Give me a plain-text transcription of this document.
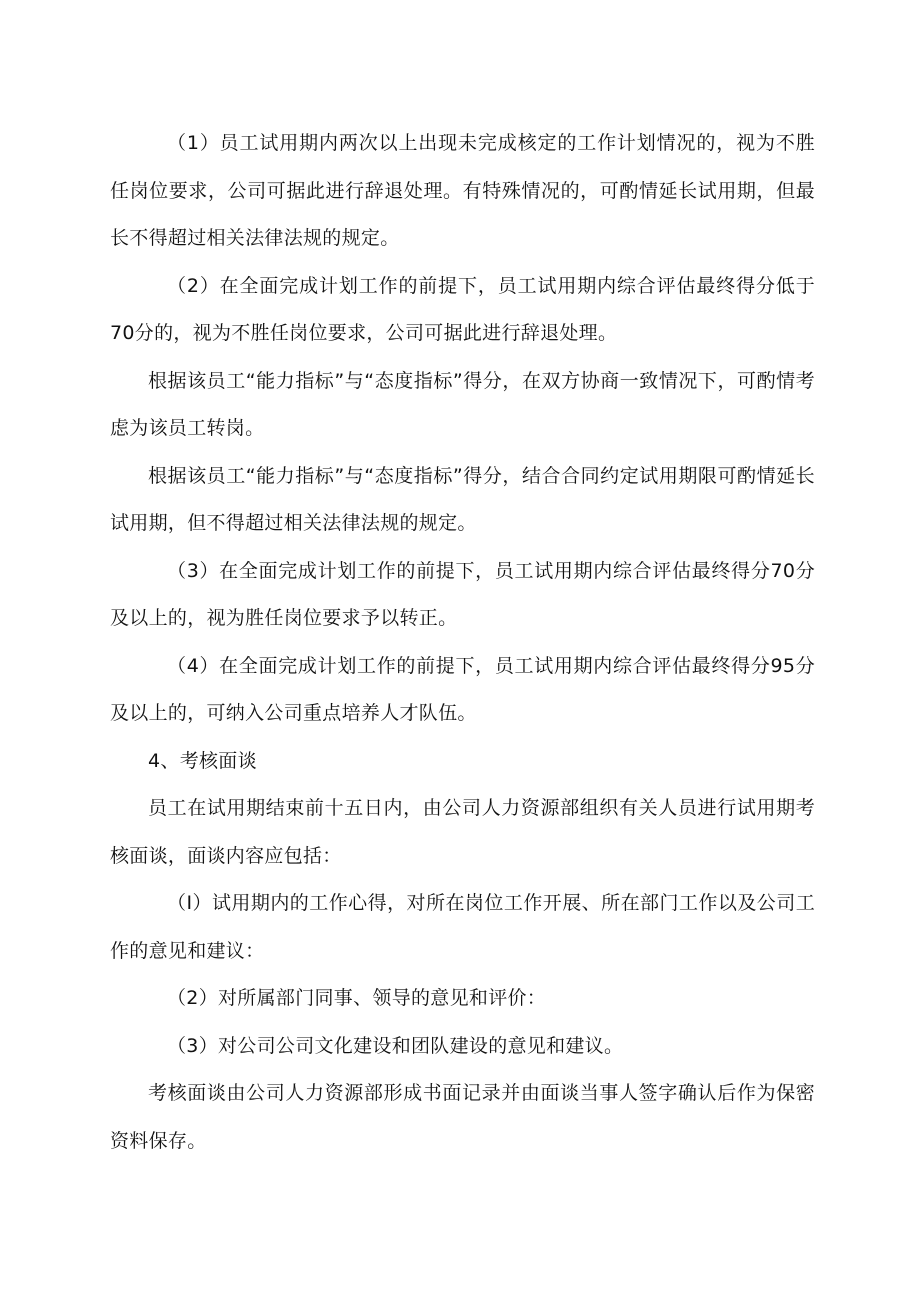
（1）员工试用期内两次以上出现未完成核定的工作计划情况的，视为不胜任岗位要求，公司可据此进行辞退处理。有特殊情况的，可酌情延长试用期，但最长不得超过相关法律法规的规定。

（2）在全面完成计划工作的前提下，员工试用期内综合评估最终得分低于70分的，视为不胜任岗位要求，公司可据此进行辞退处理。

根据该员工“能力指标”与“态度指标”得分，在双方协商一致情况下，可酌情考虑为该员工转岗。

根据该员工“能力指标”与“态度指标”得分，结合合同约定试用期限可酌情延长试用期，但不得超过相关法律法规的规定。

（3）在全面完成计划工作的前提下，员工试用期内综合评估最终得分70分及以上的，视为胜任岗位要求予以转正。

（4）在全面完成计划工作的前提下，员工试用期内综合评估最终得分95分及以上的，可纳入公司重点培养人才队伍。

4、考核面谈

员工在试用期结束前十五日内，由公司人力资源部组织有关人员进行试用期考核面谈，面谈内容应包括：

（I）试用期内的工作心得，对所在岗位工作开展、所在部门工作以及公司工作的意见和建议：

（2）对所属部门同事、领导的意见和评价：

（3）对公司公司文化建设和团队建设的意见和建议。

考核面谈由公司人力资源部形成书面记录并由面谈当事人签字确认后作为保密资料保存。
